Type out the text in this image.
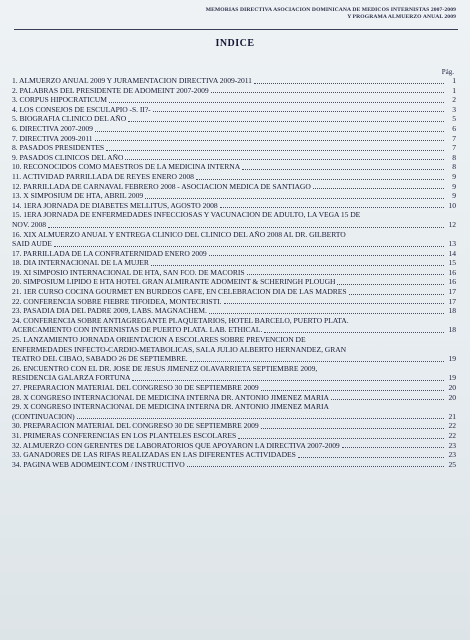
MEMORIAS DIRECTIVA ASOCIACION DOMINICANA DE MEDICOS INTERNISTAS 2007-2009
Y PROGRAMA ALMUERZO ANUAL 2009
INDICE
Pág.
1. ALMUERZO ANUAL 2009 Y JURAMENTACION DIRECTIVA 2009-2011	1
2. PALABRAS DEL PRESIDENTE DE ADOMEINT 2007-2009	1
3. CORPUS HIPOCRATICUM	2
4. LOS CONSEJOS DE ESCULAPIO -S. II?-	3
5. BIOGRAFIA CLINICO DEL AÑO	5
6. DIRECTIVA 2007-2009	6
7. DIRECTIVA 2009-2011	7
8. PASADOS PRESIDENTES	7
9. PASADOS CLINICOS DEL AÑO	8
10. RECONOCIDOS COMO MAESTROS DE LA MEDICINA INTERNA	8
11. ACTIVIDAD PARRILLADA DE REYES ENERO 2008	9
12. PARRILLADA DE CARNAVAL FEBRERO 2008 - ASOCIACION MEDICA DE SANTIAGO	9
13. X SIMPOSIUM DE HTA, ABRIL 2009	9
14. 1ERA JORNADA DE DIABETES MELLITUS, AGOSTO 2008	10
15. 1ERA JORNADA DE ENFERMEDADES INFECCIOSAS Y VACUNACION DE ADULTO, LA VEGA 15 DE
NOV. 2008	12
16. XIX ALMUERZO ANUAL Y ENTREGA CLINICO DEL CLINICO DEL AÑO 2008 AL DR. GILBERTO
SAID AUDE	13
17. PARRILLADA DE LA CONFRATERNIDAD ENERO 2009	14
18. DIA INTERNACIONAL DE LA MUJER	15
19. XI SIMPOSIO INTERNACIONAL DE HTA, SAN FCO. DE MACORIS	16
20. SIMPOSIUM LIPIDO E HTA HOTEL GRAN ALMIRANTE ADOMEINT & SCHERINGH PLOUGH	16
21. 1ER CURSO COCINA GOURMET EN BURDEOS CAFE, EN CELEBRACION DIA DE LAS MADRES	17
22. CONFERENCIA SOBRE FIEBRE TIFOIDEA, MONTECRISTI.	17
23. PASADIA DIA DEL PADRE 2009, LABS. MAGNACHEM.	18
24. CONFERENCIA SOBRE ANTIAGREGANTE PLAQUETARIOS, HOTEL BARCELO, PUERTO PLATA.
ACERCAMIENTO CON INTERNISTAS DE PUERTO PLATA. LAB. ETHICAL.	18
25. LANZAMIENTO JORNADA ORIENTACION A ESCOLARES SOBRE PREVENCION DE
ENFERMEDADES INFECTO-CARDIO-METABOLICAS, SALA JULIO ALBERTO HERNANDEZ, GRAN
TEATRO DEL CIBAO, SABADO 26 DE SEPTIEMBRE.	19
26. ENCUENTRO CON EL DR. JOSE DE JESUS JIMENEZ OLAVARRIETA SEPTIEMBRE 2009,
RESIDENCIA GALARZA FORTUNA	19
27. PREPARACION MATERIAL DEL CONGRESO 30 DE SEPTIEMBRE 2009	20
28. X CONGRESO INTERNACIONAL DE MEDICINA INTERNA DR. ANTONIO JIMENEZ MARIA	20
29. X CONGRESO INTERNACIONAL DE MEDICINA INTERNA DR. ANTONIO JIMENEZ MARIA
(CONTINUACION)	21
30. PREPARACION MATERIAL DEL CONGRESO 30 DE SEPTIEMBRE 2009	22
31. PRIMERAS CONFERENCIAS EN LOS PLANTELES ESCOLARES	22
32. ALMUERZO CON GERENTES DE LABORATORIOS QUE APOYARON LA DIRECTIVA 2007-2009	23
33. GANADORES DE LAS RIFAS REALIZADAS EN LAS DIFERENTES ACTIVIDADES	23
34. PAGINA WEB ADOMEINT.COM / INSTRUCTIVO	25
